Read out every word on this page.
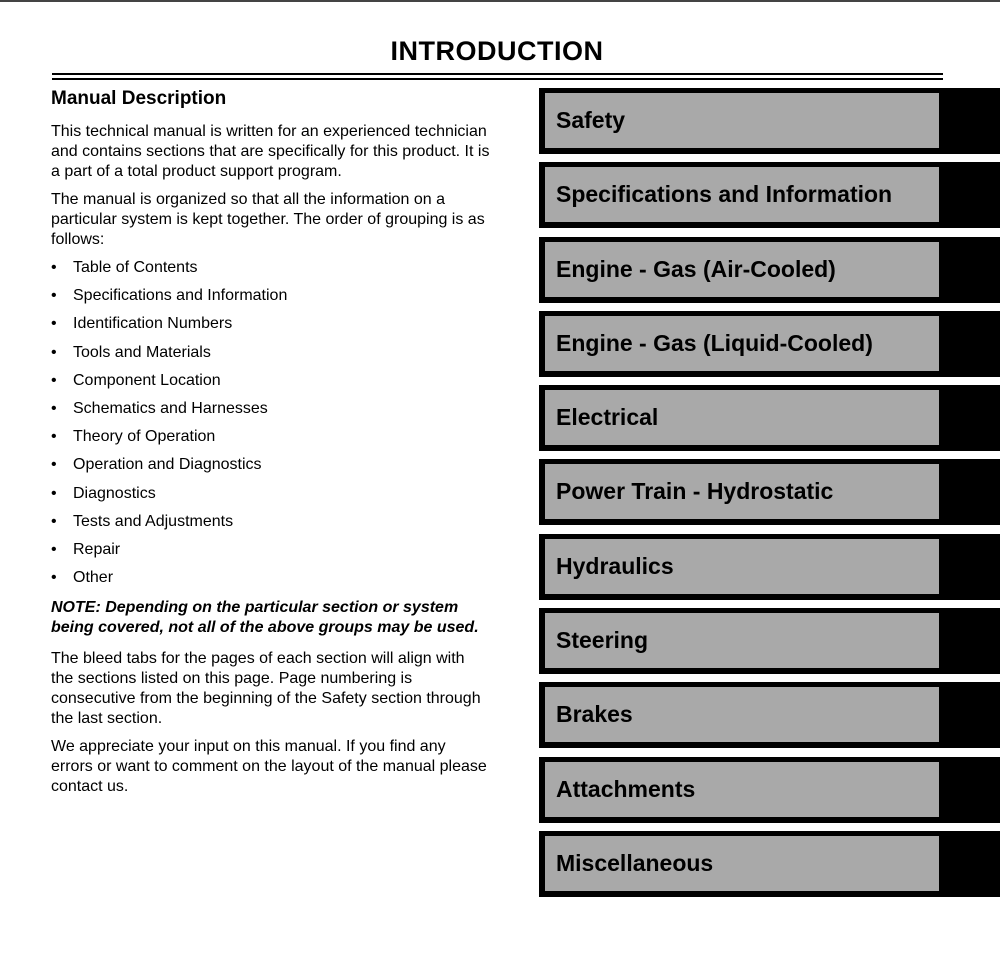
INTRODUCTION
Manual Description

This technical manual is written for an experienced technician and contains sections that are specifically for this product. It is a part of a total product support program.

The manual is organized so that all the information on a particular system is kept together. The order of grouping is as follows:

• Table of Contents
• Specifications and Information
• Identification Numbers
• Tools and Materials
• Component Location
• Schematics and Harnesses
• Theory of Operation
• Operation and Diagnostics
• Diagnostics
• Tests and Adjustments
• Repair
• Other

NOTE: Depending on the particular section or system being covered, not all of the above groups may be used.

The bleed tabs for the pages of each section will align with the sections listed on this page. Page numbering is consecutive from the beginning of the Safety section through the last section.

We appreciate your input on this manual. If you find any errors or want to comment on the layout of the manual please contact us.

Safety
Specifications and Information
Engine - Gas (Air-Cooled)
Engine - Gas (Liquid-Cooled)
Electrical
Power Train - Hydrostatic
Hydraulics
Steering
Brakes
Attachments
Miscellaneous
